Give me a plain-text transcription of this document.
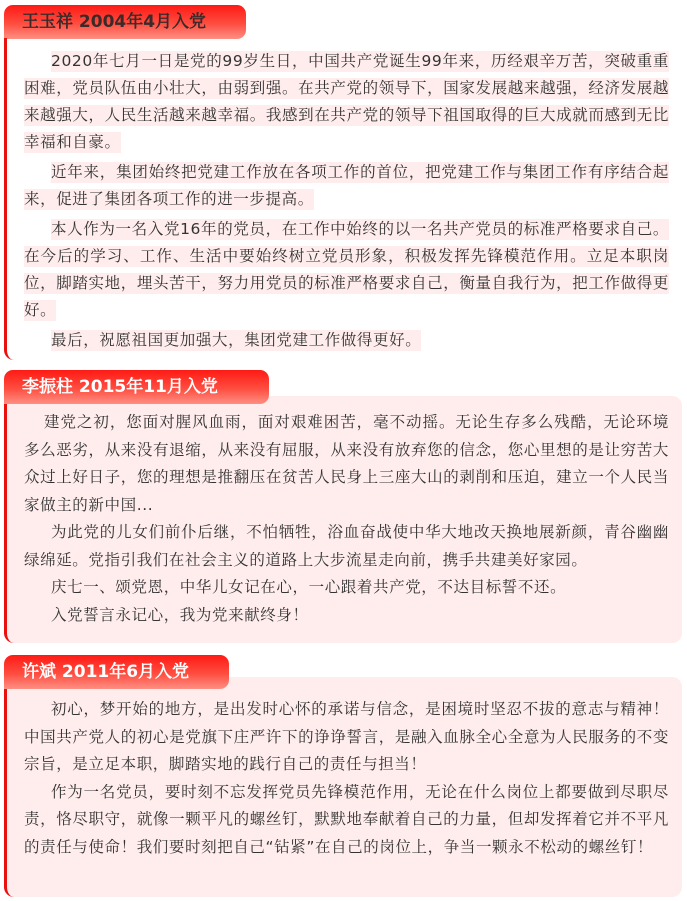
王玉祥 2004年4月入党

2020年七月一日是党的99岁生日，中国共产党诞生99年来，历经艰辛万苦，突破重重困难，党员队伍由小壮大，由弱到强。在共产党的领导下，国家发展越来越强，经济发展越来越强大，人民生活越来越幸福。我感到在共产党的领导下祖国取得的巨大成就而感到无比幸福和自豪。

近年来，集团始终把党建工作放在各项工作的首位，把党建工作与集团工作有序结合起来，促进了集团各项工作的进一步提高。

本人作为一名入党16年的党员，在工作中始终的以一名共产党员的标准严格要求自己。在今后的学习、工作、生活中要始终树立党员形象，积极发挥先锋模范作用。立足本职岗位，脚踏实地，埋头苦干，努力用党员的标准严格要求自己，衡量自我行为，把工作做得更好。

最后，祝愿祖国更加强大，集团党建工作做得更好。

建党之初，您面对腥风血雨，面对艰难困苦，毫不动摇。无论生存多么残酷，无论环境多么恶劣，从来没有退缩，从来没有屈服，从来没有放弃您的信念，您心里想的是让穷苦大众过上好日子，您的理想是推翻压在贫苦人民身上三座大山的剥削和压迫，建立一个人民当家做主的新中国...

为此党的儿女们前仆后继，不怕牺牲，浴血奋战使中华大地改天换地展新颜，青谷幽幽绿绵延。党指引我们在社会主义的道路上大步流星走向前，携手共建美好家园。

庆七一、颂党恩，中华儿女记在心，一心跟着共产党，不达目标誓不还。

入党誓言永记心，我为党来献终身！

李振柱 2015年11月入党

初心，梦开始的地方，是出发时心怀的承诺与信念，是困境时坚忍不拔的意志与精神！中国共产党人的初心是党旗下庄严许下的诤诤誓言，是融入血脉全心全意为人民服务的不变宗旨，是立足本职，脚踏实地的践行自己的责任与担当！

作为一名党员，要时刻不忘发挥党员先锋模范作用，无论在什么岗位上都要做到尽职尽责，恪尽职守，就像一颗平凡的螺丝钉，默默地奉献着自己的力量，但却发挥着它并不平凡的责任与使命！我们要时刻把自己“钻紧”在自己的岗位上，争当一颗永不松动的螺丝钉！

许斌 2011年6月入党
